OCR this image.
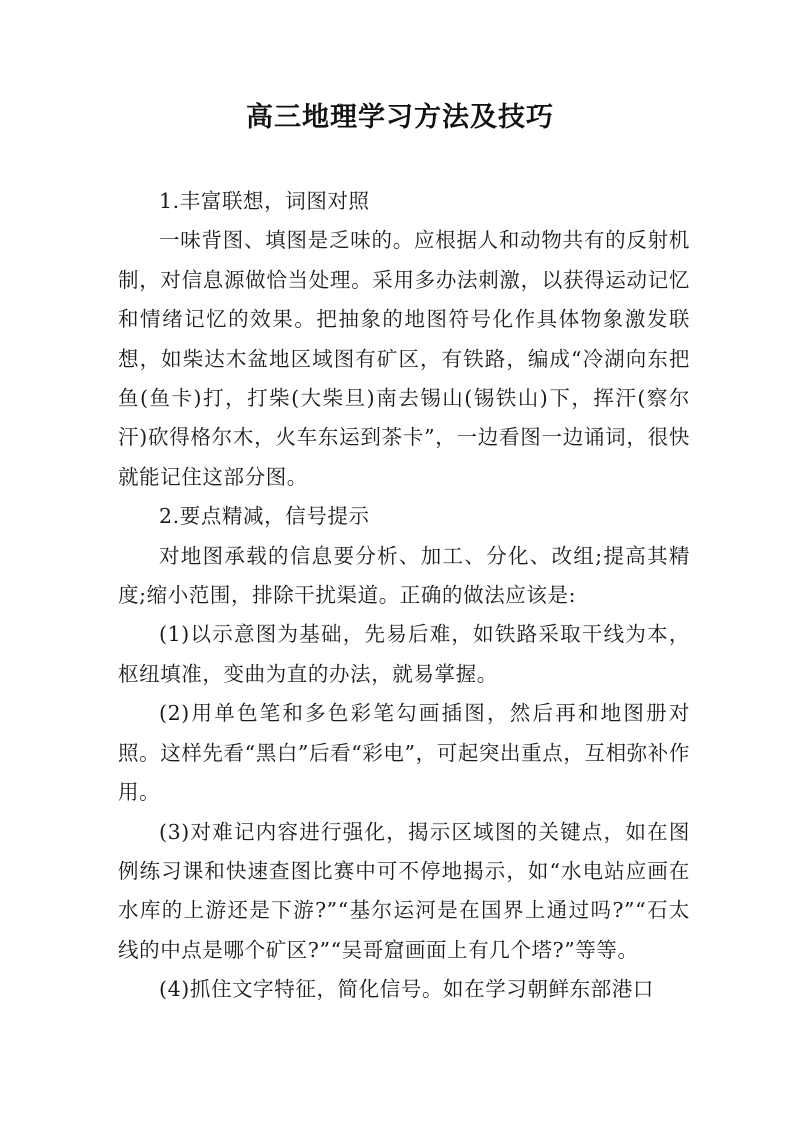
高三地理学习方法及技巧

1.丰富联想，词图对照

一味背图、填图是乏味的。应根据人和动物共有的反射机制，对信息源做恰当处理。采用多办法刺激，以获得运动记忆和情绪记忆的效果。把抽象的地图符号化作具体物象激发联想，如柴达木盆地区域图有矿区，有铁路，编成“冷湖向东把鱼(鱼卡)打，打柴(大柴旦)南去锡山(锡铁山)下，挥汗(察尔汗)砍得格尔木，火车东运到茶卡”，一边看图一边诵词，很快就能记住这部分图。

2.要点精减，信号提示

对地图承载的信息要分析、加工、分化、改组;提高其精度;缩小范围，排除干扰渠道。正确的做法应该是:

(1)以示意图为基础，先易后难，如铁路采取干线为本，枢纽填准，变曲为直的办法，就易掌握。

(2)用单色笔和多色彩笔勾画插图，然后再和地图册对照。这样先看“黑白”后看“彩电”，可起突出重点，互相弥补作用。

(3)对难记内容进行强化，揭示区域图的关键点，如在图例练习课和快速查图比赛中可不停地揭示，如“水电站应画在水库的上游还是下游?”“基尔运河是在国界上通过吗?”“石太线的中点是哪个矿区?”“吴哥窟画面上有几个塔?”等等。

(4)抓住文字特征，简化信号。如在学习朝鲜东部港口
